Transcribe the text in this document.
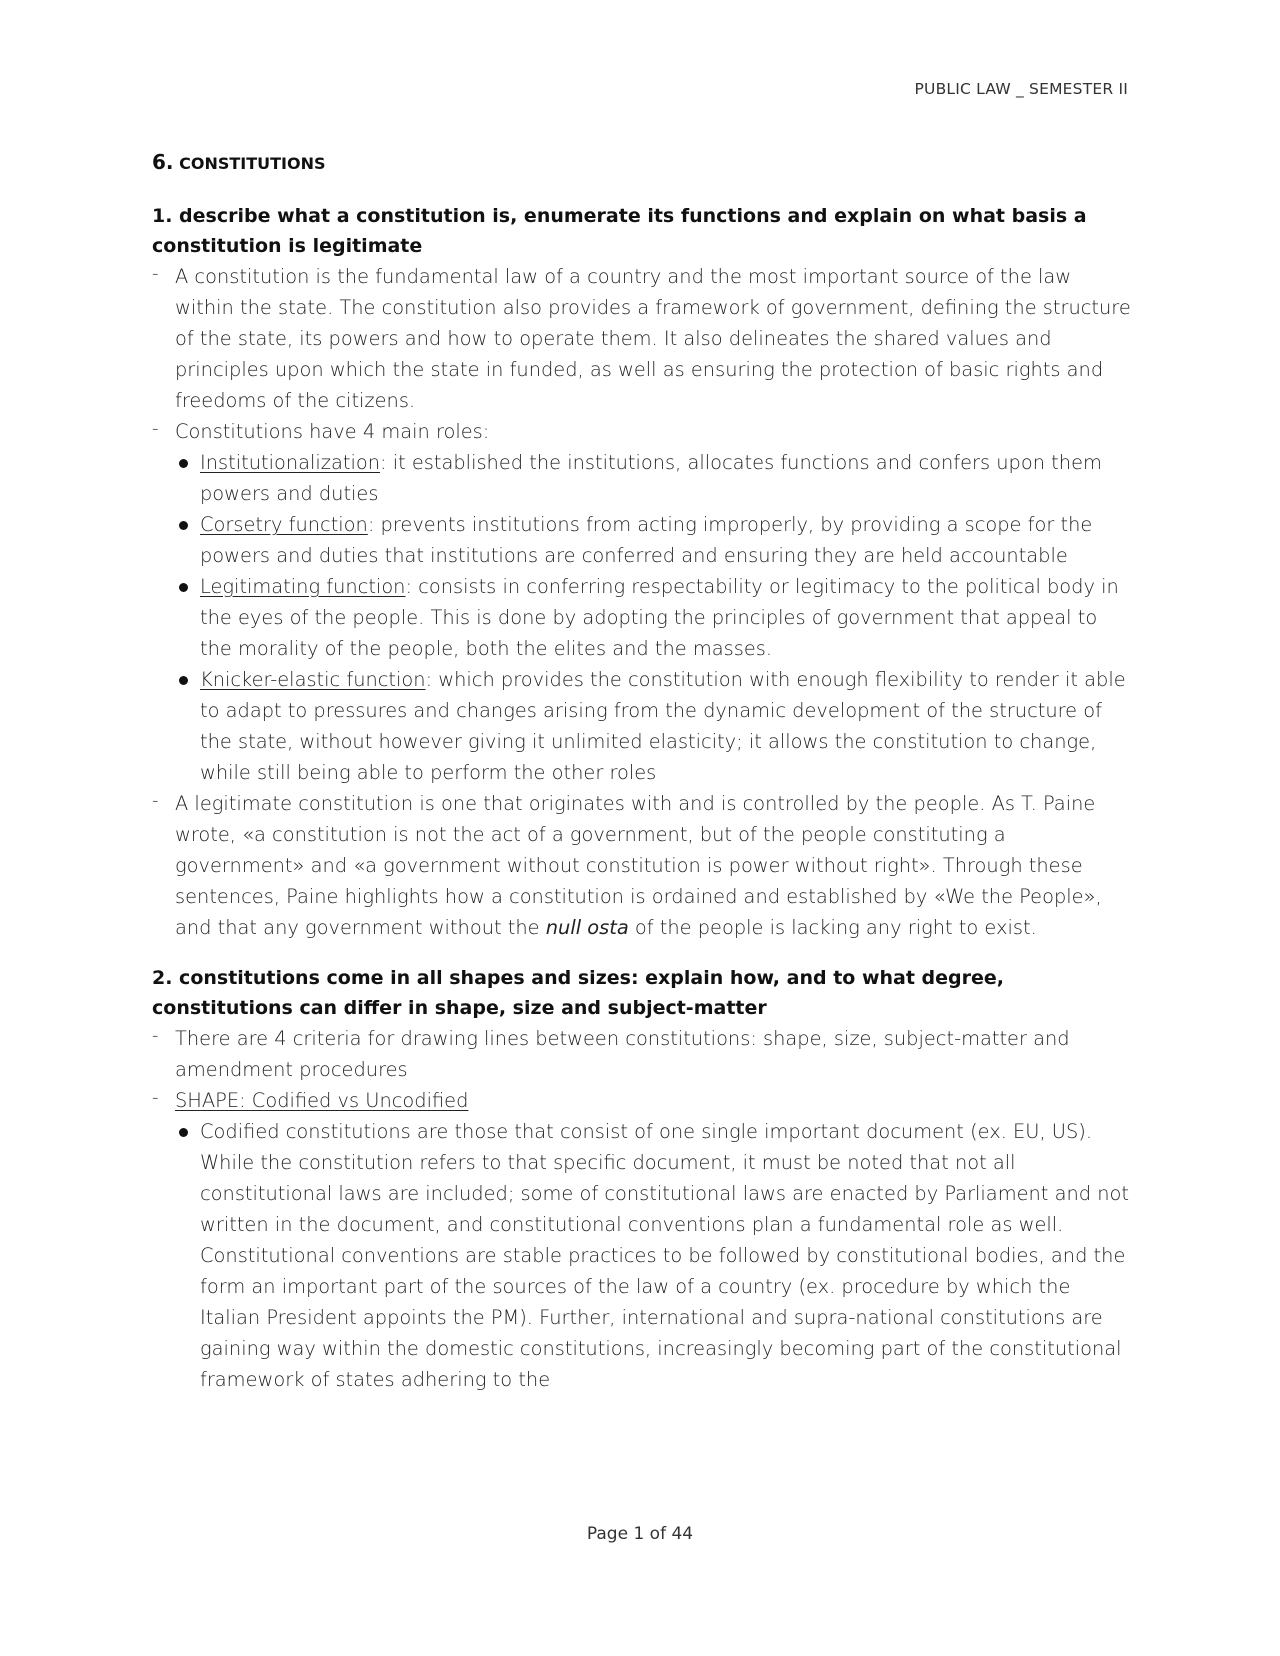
PUBLIC LAW _ SEMESTER II
6. CONSTITUTIONS
1. describe what a constitution is, enumerate its functions and explain on what basis a constitution is legitimate
- A constitution is the fundamental law of a country and the most important source of the law within the state. The constitution also provides a framework of government, defining the structure of the state, its powers and how to operate them. It also delineates the shared values and principles upon which the state in funded, as well as ensuring the protection of basic rights and freedoms of the citizens.
- Constitutions have 4 main roles:
Institutionalization: it established the institutions, allocates functions and confers upon them powers and duties
Corsetry function: prevents institutions from acting improperly, by providing a scope for the powers and duties that institutions are conferred and ensuring they are held accountable
Legitimating function: consists in conferring respectability or legitimacy to the political body in the eyes of the people. This is done by adopting the principles of government that appeal to the morality of the people, both the elites and the masses.
Knicker-elastic function: which provides the constitution with enough flexibility to render it able to adapt to pressures and changes arising from the dynamic development of the structure of the state, without however giving it unlimited elasticity; it allows the constitution to change, while still being able to perform the other roles
- A legitimate constitution is one that originates with and is controlled by the people. As T. Paine wrote, «a constitution is not the act of a government, but of the people constituting a government» and «a government without constitution is power without right». Through these sentences, Paine highlights how a constitution is ordained and established by «We the People», and that any government without the null osta of the people is lacking any right to exist.
2. constitutions come in all shapes and sizes: explain how, and to what degree, constitutions can differ in shape, size and subject-matter
- There are 4 criteria for drawing lines between constitutions: shape, size, subject-matter and amendment procedures
- SHAPE: Codified vs Uncodified
Codified constitutions are those that consist of one single important document (ex. EU, US). While the constitution refers to that specific document, it must be noted that not all constitutional laws are included; some of constitutional laws are enacted by Parliament and not written in the document, and constitutional conventions plan a fundamental role as well. Constitutional conventions are stable practices to be followed by constitutional bodies, and the form an important part of the sources of the law of a country (ex. procedure by which the Italian President appoints the PM). Further, international and supra-national constitutions are gaining way within the domestic constitutions, increasingly becoming part of the constitutional framework of states adhering to the
Page 1 of 44
